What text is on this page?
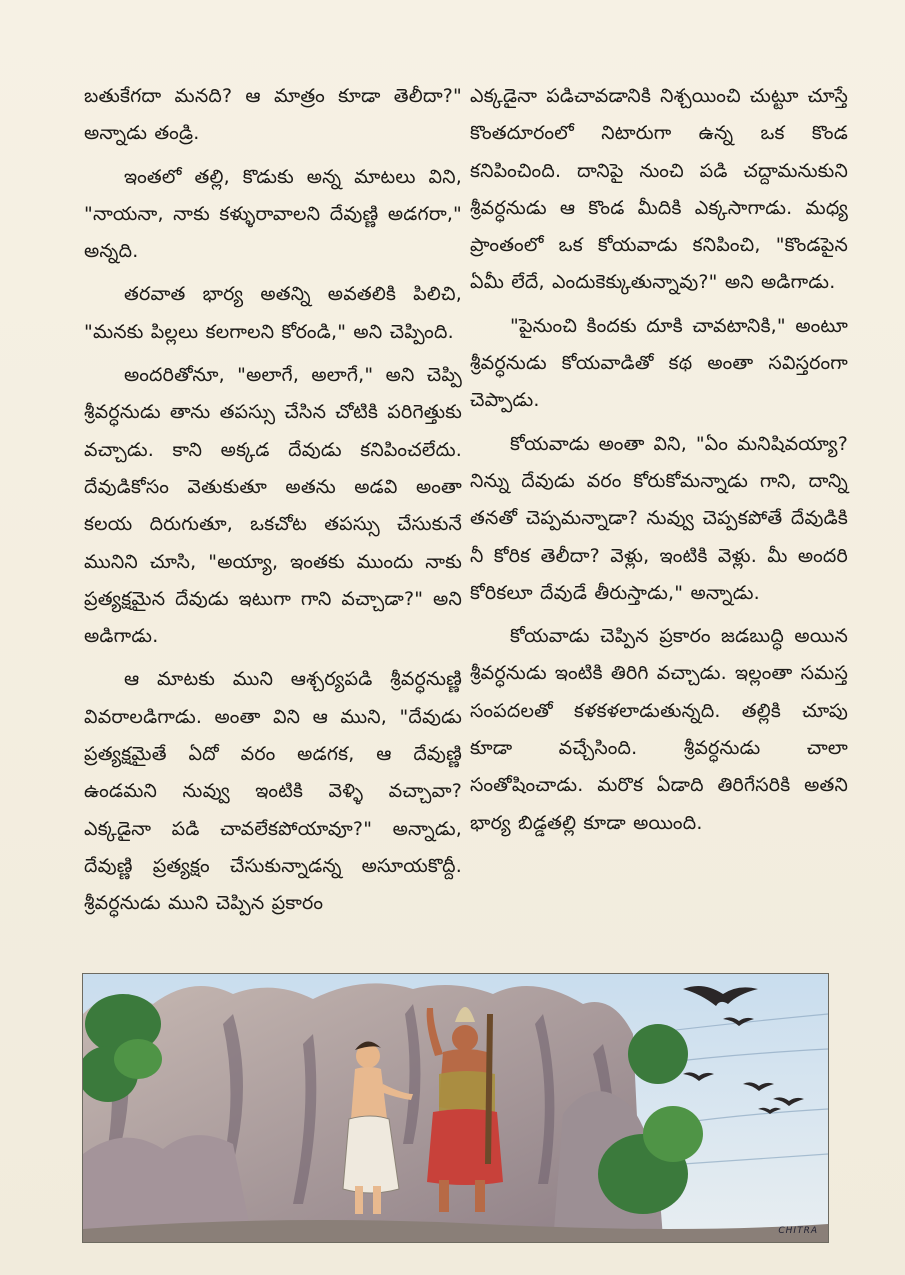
బతుకేగదా మనది? ఆ మాత్రం కూడా తెలీదా?" అన్నాడు తండ్రి.

ఇంతలో తల్లి, కొడుకు అన్న మాటలు విని, "నాయనా, నాకు కళ్ళురావాలని దేవుణ్ణి అడగరా," అన్నది.

తరవాత భార్య అతన్ని అవతలికి పిలిచి, "మనకు పిల్లలు కలగాలని కోరండి," అని చెప్పింది.

అందరితోనూ, "అలాగే, అలాగే," అని చెప్పి శ్రీవర్ధనుడు తాను తపస్సు చేసిన చోటికి పరిగెత్తుకు వచ్చాడు. కాని అక్కడ దేవుడు కనిపించలేదు. దేవుడికోసం వెతుకుతూ అతను అడవి అంతా కలయ దిరుగుతూ, ఒకచోట తపస్సు చేసుకునే మునిని చూసి, "అయ్యా, ఇంతకు ముందు నాకు ప్రత్యక్షమైన దేవుడు ఇటుగా గాని వచ్చాడా?" అని అడిగాడు.

ఆ మాటకు ముని ఆశ్చర్యపడి శ్రీవర్ధనుణ్ణి వివరాలడిగాడు. అంతా విని ఆ ముని, "దేవుడు ప్రత్యక్షమైతే ఏదో వరం అడగక, ఆ దేవుణ్ణి ఉండమని నువ్వు ఇంటికి వెళ్ళి వచ్చావా? ఎక్కడైనా పడి చావలేకపోయావూ?" అన్నాడు, దేవుణ్ణి ప్రత్యక్షం చేసుకున్నాడన్న అసూయకొద్దీ. శ్రీవర్ధనుడు ముని చెప్పిన ప్రకారం

ఎక్కడైనా పడిచావడానికి నిశ్చయించి చుట్టూ చూస్తే కొంతదూరంలో నిటారుగా ఉన్న ఒక కొండ కనిపించింది. దానిపై నుంచి పడి చద్దామనుకుని శ్రీవర్ధనుడు ఆ కొండ మీదికి ఎక్కసాగాడు. మధ్య ప్రాంతంలో ఒక కోయవాడు కనిపించి, "కొండపైన ఏమీ లేదే, ఎందుకెక్కుతున్నావు?" అని అడిగాడు.

"పైనుంచి కిందకు దూకి చావటానికి," అంటూ శ్రీవర్ధనుడు కోయవాడితో కథ అంతా సవిస్తరంగా చెప్పాడు.

కోయవాడు అంతా విని, "ఏం మనిషివయ్యా? నిన్ను దేవుడు వరం కోరుకోమన్నాడు గాని, దాన్ని తనతో చెప్పమన్నాడా? నువ్వు చెప్పకపోతే దేవుడికి నీ కోరిక తెలీదా? వెళ్లు, ఇంటికి వెళ్లు. మీ అందరి కోరికలూ దేవుడే తీరుస్తాడు," అన్నాడు.

కోయవాడు చెప్పిన ప్రకారం జడబుద్ధి అయిన శ్రీవర్ధనుడు ఇంటికి తిరిగి వచ్చాడు. ఇల్లంతా సమస్త సంపదలతో కళకళలాడుతున్నది. తల్లికి చూపు కూడా వచ్చేసింది. శ్రీవర్ధనుడు చాలా సంతోషించాడు. మరొక ఏడాది తిరిగేసరికి అతని భార్య బిడ్డతల్లి కూడా అయింది.

CHITRA
